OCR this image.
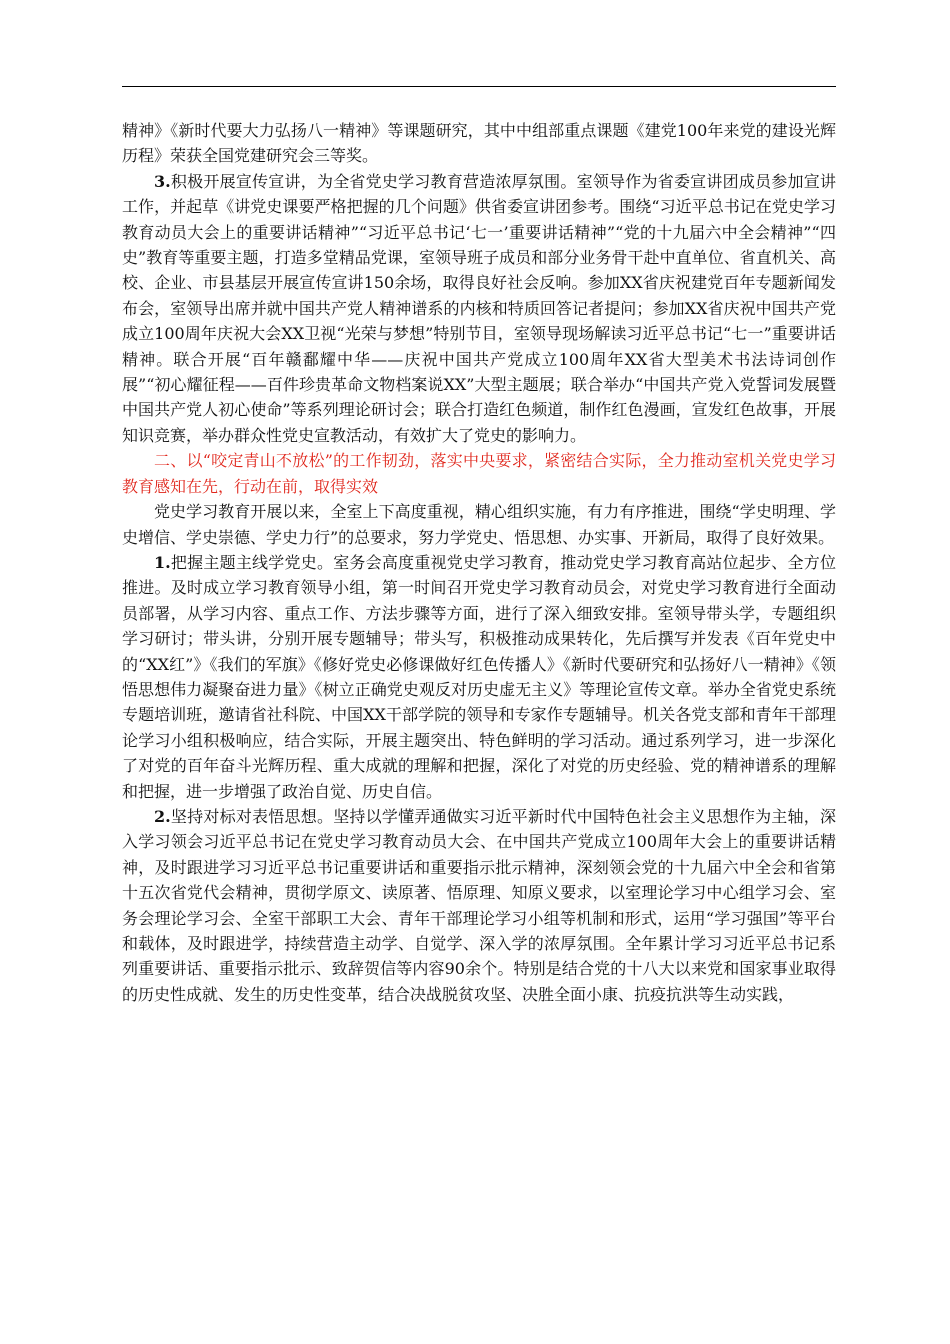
精神》《新时代要大力弘扬八一精神》等课题研究，其中中组部重点课题《建党100年来党的建设光辉历程》荣获全国党建研究会三等奖。

3.积极开展宣传宣讲，为全省党史学习教育营造浓厚氛围。室领导作为省委宣讲团成员参加宣讲工作，并起草《讲党史课要严格把握的几个问题》供省委宣讲团参考。围绕“习近平总书记在党史学习教育动员大会上的重要讲话精神”“习近平总书记‘七一’重要讲话精神”“党的十九届六中全会精神”“四史”教育等重要主题，打造多堂精品党课，室领导班子成员和部分业务骨干赴中直单位、省直机关、高校、企业、市县基层开展宣传宣讲150余场，取得良好社会反响。参加XX省庆祝建党百年专题新闻发布会，室领导出席并就中国共产党人精神谱系的内核和特质回答记者提问；参加XX省庆祝中国共产党成立100周年庆祝大会XX卫视“光荣与梦想”特别节目，室领导现场解读习近平总书记“七一”重要讲话精神。联合开展“百年赣鄱耀中华——庆祝中国共产党成立100周年XX省大型美术书法诗词创作展”“初心耀征程——百件珍贵革命文物档案说XX”大型主题展；联合举办“中国共产党入党誓词发展暨中国共产党人初心使命”等系列理论研讨会；联合打造红色频道，制作红色漫画，宣发红色故事，开展知识竞赛，举办群众性党史宣教活动，有效扩大了党史的影响力。

二、以“咬定青山不放松”的工作韧劲，落实中央要求，紧密结合实际，全力推动室机关党史学习教育感知在先，行动在前，取得实效

党史学习教育开展以来，全室上下高度重视，精心组织实施，有力有序推进，围绕“学史明理、学史增信、学史崇德、学史力行”的总要求，努力学党史、悟思想、办实事、开新局，取得了良好效果。

1.把握主题主线学党史。室务会高度重视党史学习教育，推动党史学习教育高站位起步、全方位推进。及时成立学习教育领导小组，第一时间召开党史学习教育动员会，对党史学习教育进行全面动员部署，从学习内容、重点工作、方法步骤等方面，进行了深入细致安排。室领导带头学，专题组织学习研讨；带头讲，分别开展专题辅导；带头写，积极推动成果转化，先后撰写并发表《百年党史中的“XX红”》《我们的军旗》《修好党史必修课做好红色传播人》《新时代要研究和弘扬好八一精神》《领悟思想伟力凝聚奋进力量》《树立正确党史观反对历史虚无主义》等理论宣传文章。举办全省党史系统专题培训班，邀请省社科院、中国XX干部学院的领导和专家作专题辅导。机关各党支部和青年干部理论学习小组积极响应，结合实际，开展主题突出、特色鲜明的学习活动。通过系列学习，进一步深化了对党的百年奋斗光辉历程、重大成就的理解和把握，深化了对党的历史经验、党的精神谱系的理解和把握，进一步增强了政治自觉、历史自信。

2.坚持对标对表悟思想。坚持以学懂弄通做实习近平新时代中国特色社会主义思想作为主轴，深入学习领会习近平总书记在党史学习教育动员大会、在中国共产党成立100周年大会上的重要讲话精神，及时跟进学习习近平总书记重要讲话和重要指示批示精神，深刻领会党的十九届六中全会和省第十五次省党代会精神，贯彻学原文、读原著、悟原理、知原义要求，以室理论学习中心组学习会、室务会理论学习会、全室干部职工大会、青年干部理论学习小组等机制和形式，运用“学习强国”等平台和载体，及时跟进学，持续营造主动学、自觉学、深入学的浓厚氛围。全年累计学习习近平总书记系列重要讲话、重要指示批示、致辞贺信等内容90余个。特别是结合党的十八大以来党和国家事业取得的历史性成就、发生的历史性变革，结合决战脱贫攻坚、决胜全面小康、抗疫抗洪等生动实践，
